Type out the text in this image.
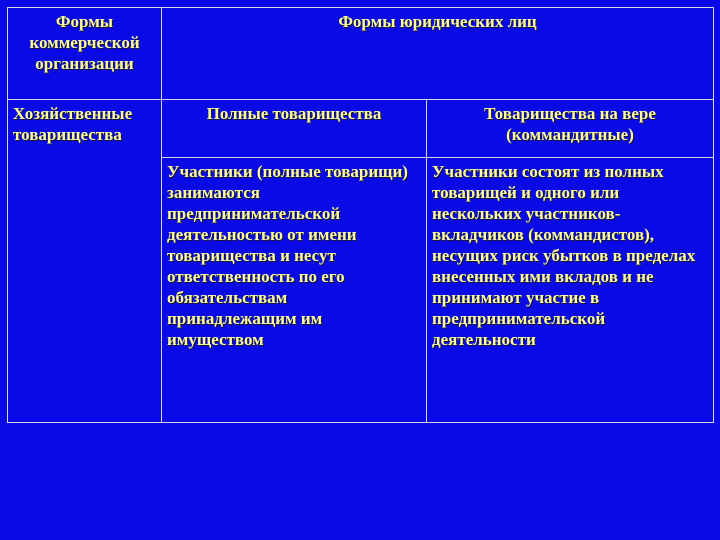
Формы коммерческой организации	Формы юридических лиц	
Хозяйственные товарищества	Полные товарищества	Товарищества на вере (коммандитные)
	Участники (полные товарищи) занимаются предпринимательской деятельностью от имени товарищества и несут ответственность по его обязательствам принадлежащим им имуществом	Участники состоят из полных товарищей и одного или нескольких участников-вкладчиков (коммандистов), несущих риск убытков в пределах внесенных ими вкладов и не принимают участие в предпринимательской деятельности
